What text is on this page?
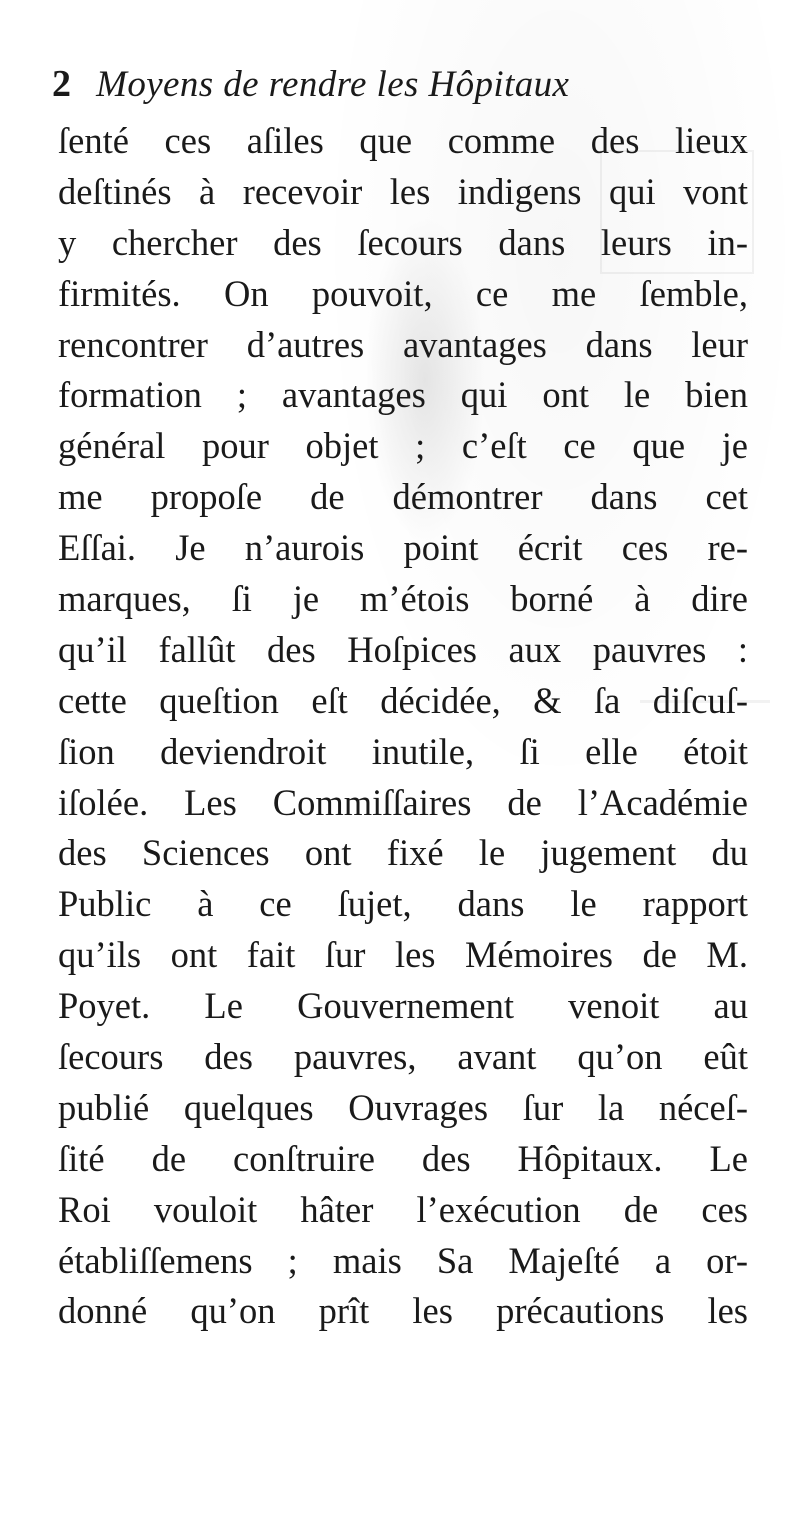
2 Moyens de rendre les Hôpitaux
ſenté ces aſiles que comme des lieux
deſtinés à recevoir les indigens qui vont
y chercher des ſecours dans leurs in-
firmités. On pouvoit, ce me ſemble,
rencontrer d’autres avantages dans leur
formation ; avantages qui ont le bien
général pour objet ; c’eſt ce que je
me propoſe de démontrer dans cet
Eſſai. Je n’aurois point écrit ces re-
marques, ſi je m’étois borné à dire
qu’il fallût des Hoſpices aux pauvres :
cette queſtion eſt décidée, & ſa diſcuſ-
ſion deviendroit inutile, ſi elle étoit
iſolée. Les Commiſſaires de l’Académie
des Sciences ont fixé le jugement du
Public à ce ſujet, dans le rapport
qu’ils ont fait ſur les Mémoires de M.
Poyet. Le Gouvernement venoit au
ſecours des pauvres, avant qu’on eût
publié quelques Ouvrages ſur la néceſ-
ſité de conſtruire des Hôpitaux. Le
Roi vouloit hâter l’exécution de ces
établiſſemens ; mais Sa Majeſté a or-
donné qu’on prît les précautions les
